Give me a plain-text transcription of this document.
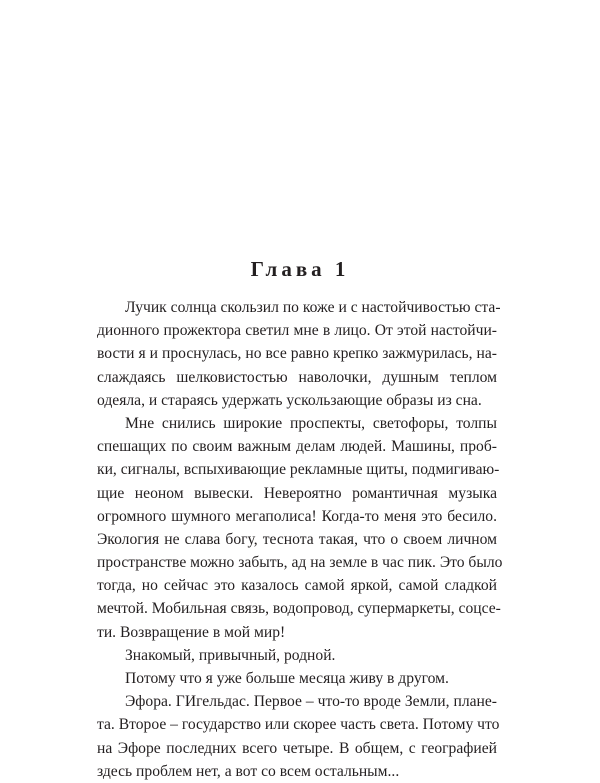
Глава 1
Лучик солнца скользил по коже и с настойчивостью ста-
дионного прожектора светил мне в лицо. От этой настойчи-
вости я и проснулась, но все равно крепко зажмурилась, на-
слаждаясь шелковистостью наволочки, душным теплом
одеяла, и стараясь удержать ускользающие образы из сна.
Мне снились широкие проспекты, светофоры, толпы
спешащих по своим важным делам людей. Машины, проб-
ки, сигналы, вспыхивающие рекламные щиты, подмигиваю-
щие неоном вывески. Невероятно романтичная музыка
огромного шумного мегаполиса! Когда-то меня это бесило.
Экология не слава богу, теснота такая, что о своем личном
пространстве можно забыть, ад на земле в час пик. Это было
тогда, но сейчас это казалось самой яркой, самой сладкой
мечтой. Мобильная связь, водопровод, супермаркеты, соцсе-
ти. Возвращение в мой мир!
Знакомый, привычный, родной.
Потому что я уже больше месяца живу в другом.
Эфора. ГИгельдас. Первое – что-то вроде Земли, плане-
та. Второе – государство или скорее часть света. Потому что
на Эфоре последних всего четыре. В общем, с географией
здесь проблем нет, а вот со всем остальным...
